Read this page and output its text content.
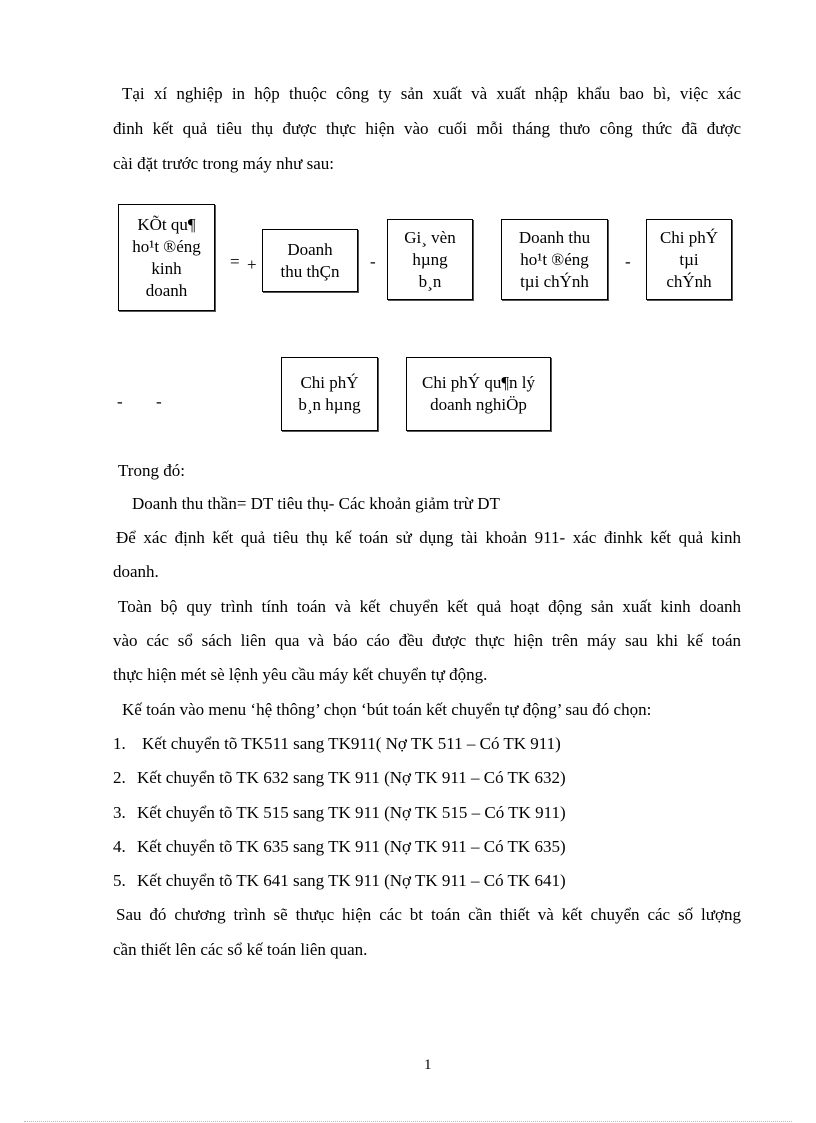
Tại xí nghiệp in hộp thuộc công ty sản xuất và xuất nhập khẩu bao bì, việc xác
đinh kết quả tiêu thụ được thực hiện vào cuối mỗi tháng thưo công thức đã được
cài đặt trước trong máy như sau:
KÕt qu¶
ho¹t ®éng
kinh
doanh
= +
Doanh
thu thÇn -
Gi¸ vèn
hµng
b¸n
Doanh thu
ho¹t ®éng
tµi chÝnh
-
Chi phÝ
tµi
chÝnh
- -
Chi phÝ
b¸n hµng
Chi phÝ qu¶n lý
doanh nghiÖp
Trong đó:
Doanh thu thần= DT tiêu thụ- Các khoản giảm trừ DT
Để xác định kết quả tiêu thụ kế toán sử dụng tài khoản 911- xác đinhk kết quả kinh
doanh.
Toàn bộ quy trình tính toán và kết chuyển kết quả hoạt động sản xuất kinh doanh
vào các sổ sách liên qua và báo cáo đều được thực hiện trên máy sau khi kế toán
thực hiện mét sè lệnh yêu cầu máy kết chuyển tự động.
Kế toán vào menu ‘hệ thông’ chọn ‘bút toán kết chuyển tự động’ sau đó chọn:
1. Kết chuyển tõ TK511 sang TK911( Nợ TK 511 – Có TK 911)
2. Kết chuyển tõ TK 632 sang TK 911 (Nợ TK 911 – Có TK 632)
3. Kết chuyển tõ TK 515 sang TK 911 (Nợ TK 515 – Có TK 911)
4. Kết chuyển tõ TK 635 sang TK 911 (Nợ TK 911 – Có TK 635)
5. Kết chuyển tõ TK 641 sang TK 911 (Nợ TK 911 – Có TK 641)
Sau đó chương trình sẽ thưục hiện các bt toán cần thiết và kết chuyển các số lượng
cần thiết lên các sổ kế toán liên quan.
1
